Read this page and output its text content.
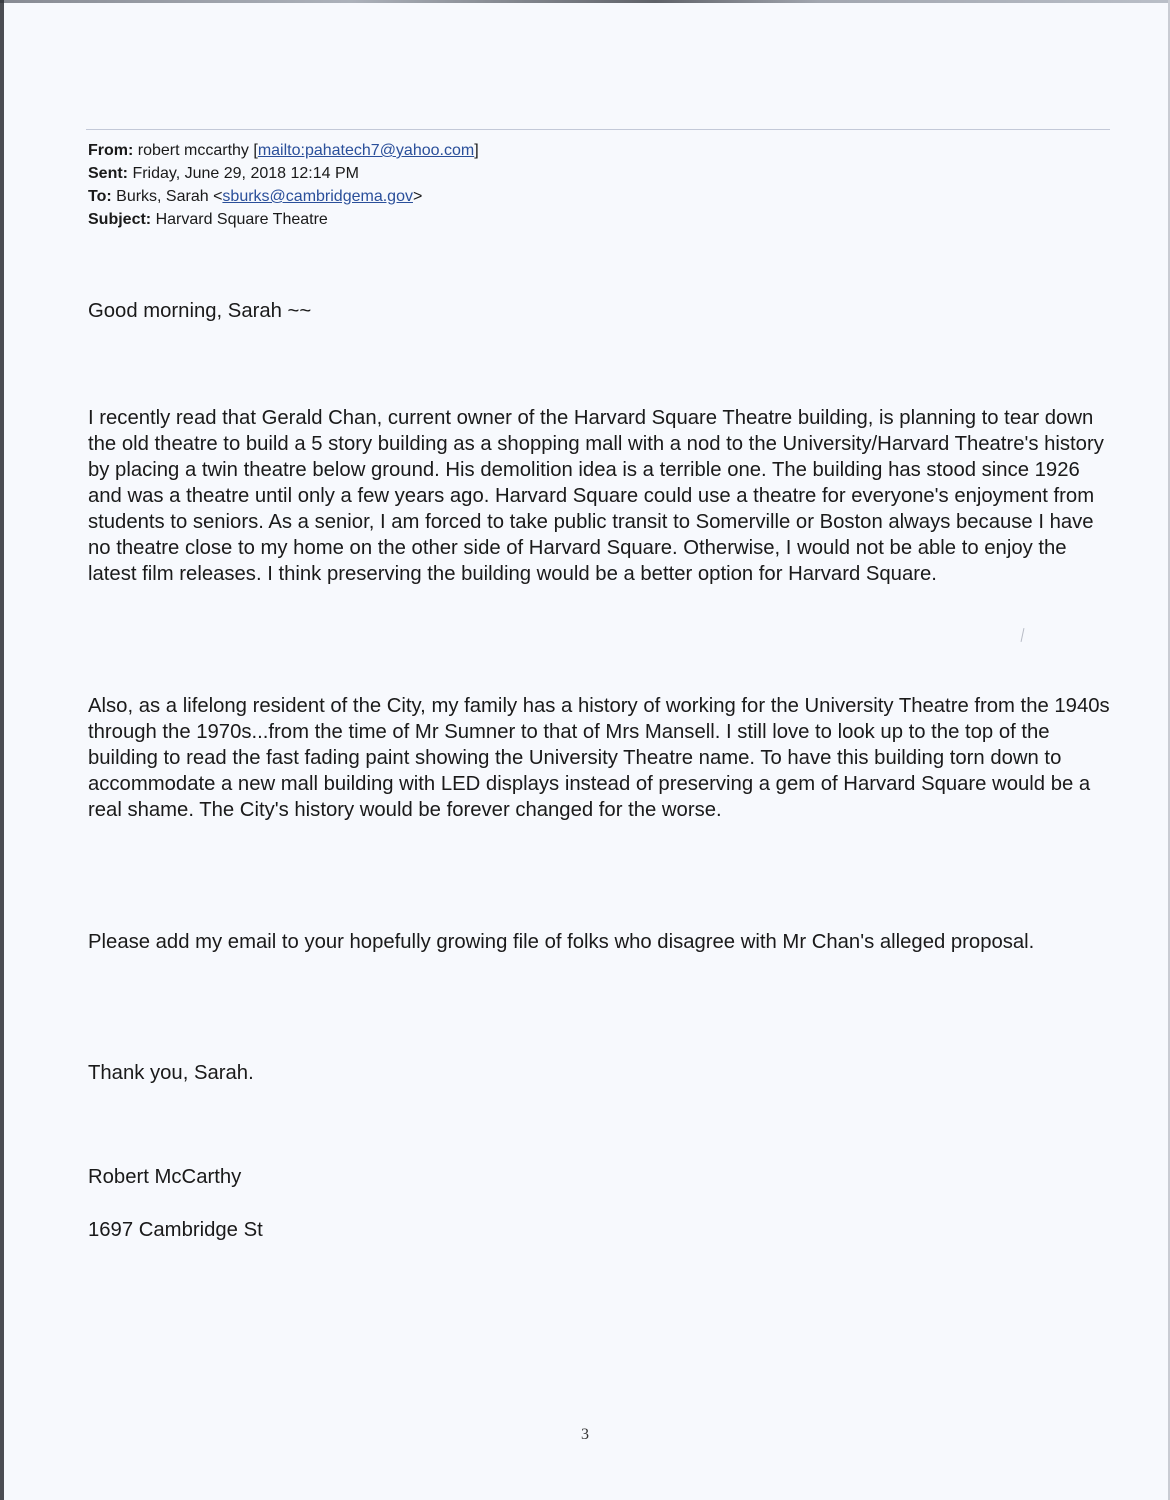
From: robert mccarthy [mailto:pahatech7@yahoo.com]
Sent: Friday, June 29, 2018 12:14 PM
To: Burks, Sarah <sburks@cambridgema.gov>
Subject: Harvard Square Theatre
Good morning, Sarah ~~
I recently read that Gerald Chan, current owner of the Harvard Square Theatre building, is planning to tear down the old theatre to build a 5 story building as a shopping mall with a nod to the University/Harvard Theatre's history by placing a twin theatre below ground. His demolition idea is a terrible one. The building has stood since 1926 and was a theatre until only a few years ago. Harvard Square could use a theatre for everyone's enjoyment from students to seniors. As a senior, I am forced to take public transit to Somerville or Boston always because I have no theatre close to my home on the other side of Harvard Square. Otherwise, I would not be able to enjoy the latest film releases. I think preserving the building would be a better option for Harvard Square.
Also, as a lifelong resident of the City, my family has a history of working for the University Theatre from the 1940s through the 1970s...from the time of Mr Sumner to that of Mrs Mansell. I still love to look up to the top of the building to read the fast fading paint showing the University Theatre name. To have this building torn down to accommodate a new mall building with LED displays instead of preserving a gem of Harvard Square would be a real shame. The City's history would be forever changed for the worse.
Please add my email to your hopefully growing file of folks who disagree with Mr Chan's alleged proposal.
Thank you, Sarah.
Robert McCarthy
1697 Cambridge St
3
